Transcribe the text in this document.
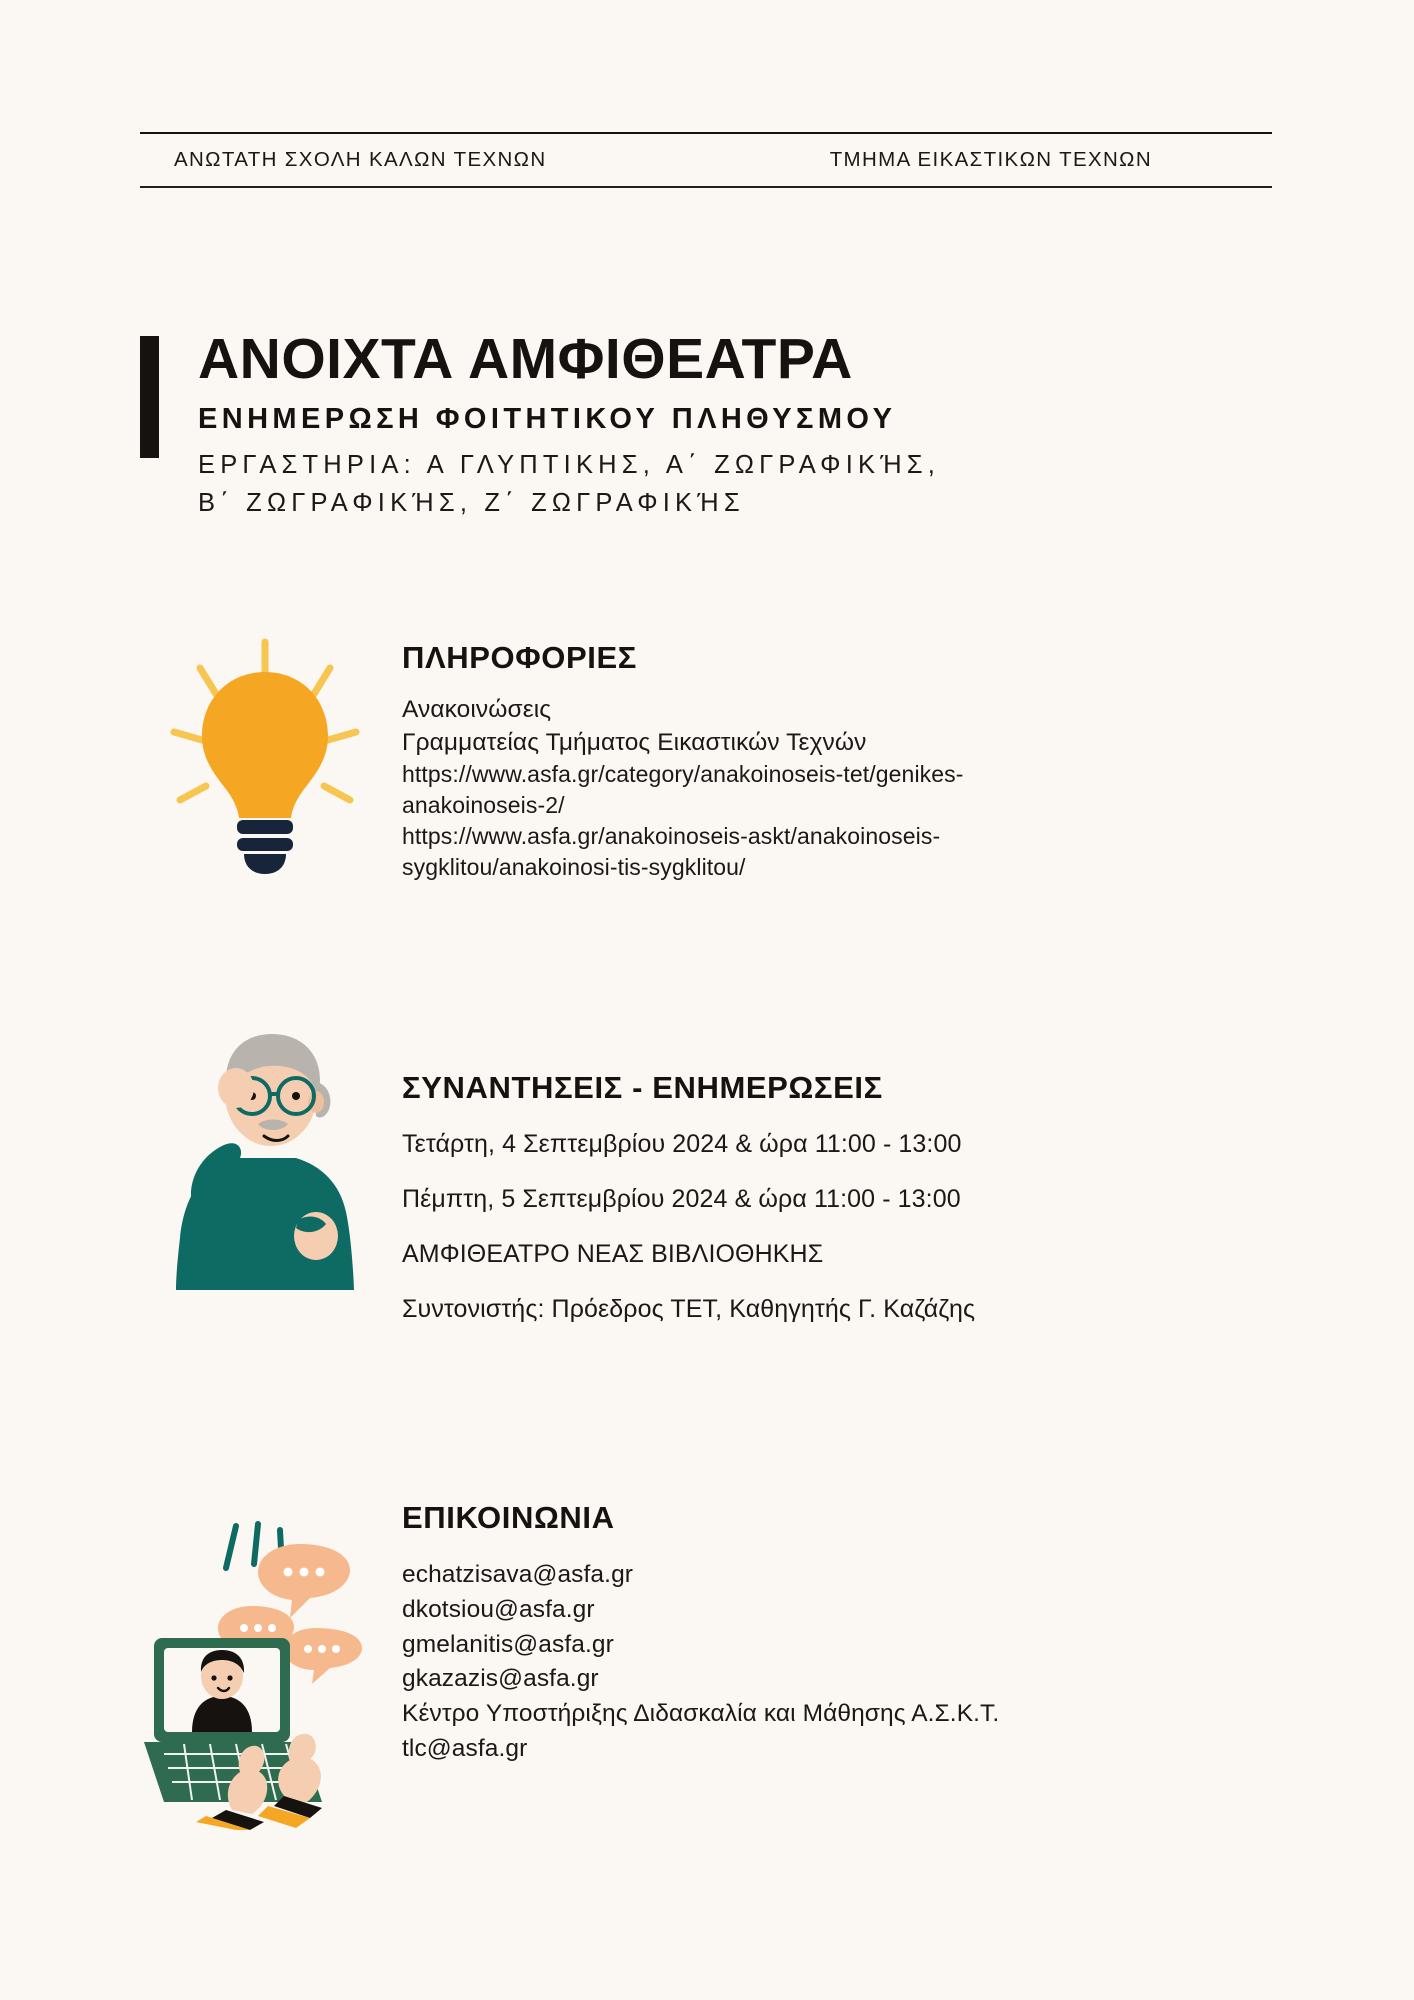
ΑΝΩΤΑΤΗ ΣΧΟΛΗ ΚΑΛΩΝ ΤΕΧΝΩΝ	ΤΜΗΜΑ ΕΙΚΑΣΤΙΚΩΝ ΤΕΧΝΩΝ
ΑΝΟΙΧΤΑ ΑΜΦΙΘΕΑΤΡΑ
ΕΝΗΜΕΡΩΣΗ ΦΟΙΤΗΤΙΚΟΥ ΠΛΗΘΥΣΜΟΥ
ΕΡΓΑΣΤΗΡΙΑ: Α ΓΛΥΠΤΙΚΗΣ, Α΄ ΖΩΓΡΑΦΙΚΉΣ,
Β΄ ΖΩΓΡΑΦΙΚΉΣ, Ζ΄ ΖΩΓΡΑΦΙΚΉΣ
ΠΛΗΡΟΦΟΡΙΕΣ
Ανακοινώσεις
Γραμματείας Τμήματος Εικαστικών Τεχνών
https://www.asfa.gr/category/anakoinoseis-tet/genikes-
anakoinoseis-2/
https://www.asfa.gr/anakoinoseis-askt/anakoinoseis-
sygklitou/anakoinosi-tis-sygklitou/
ΣΥΝΑΝΤΗΣΕΙΣ - ΕΝΗΜΕΡΩΣΕΙΣ
Τετάρτη, 4 Σεπτεμβρίου 2024 & ώρα 11:00 - 13:00
Πέμπτη, 5 Σεπτεμβρίου 2024 & ώρα 11:00 - 13:00
ΑΜΦΙΘΕΑΤΡΟ ΝΕΑΣ ΒΙΒΛΙΟΘΗΚΗΣ
Συντονιστής: Πρόεδρος ΤΕΤ, Καθηγητής Γ. Καζάζης
ΕΠΙΚΟΙΝΩΝΙΑ
echatzisava@asfa.gr
dkotsiou@asfa.gr
gmelanitis@asfa.gr
gkazazis@asfa.gr
Κέντρο Υποστήριξης Διδασκαλία και Μάθησης Α.Σ.Κ.Τ.
tlc@asfa.gr
